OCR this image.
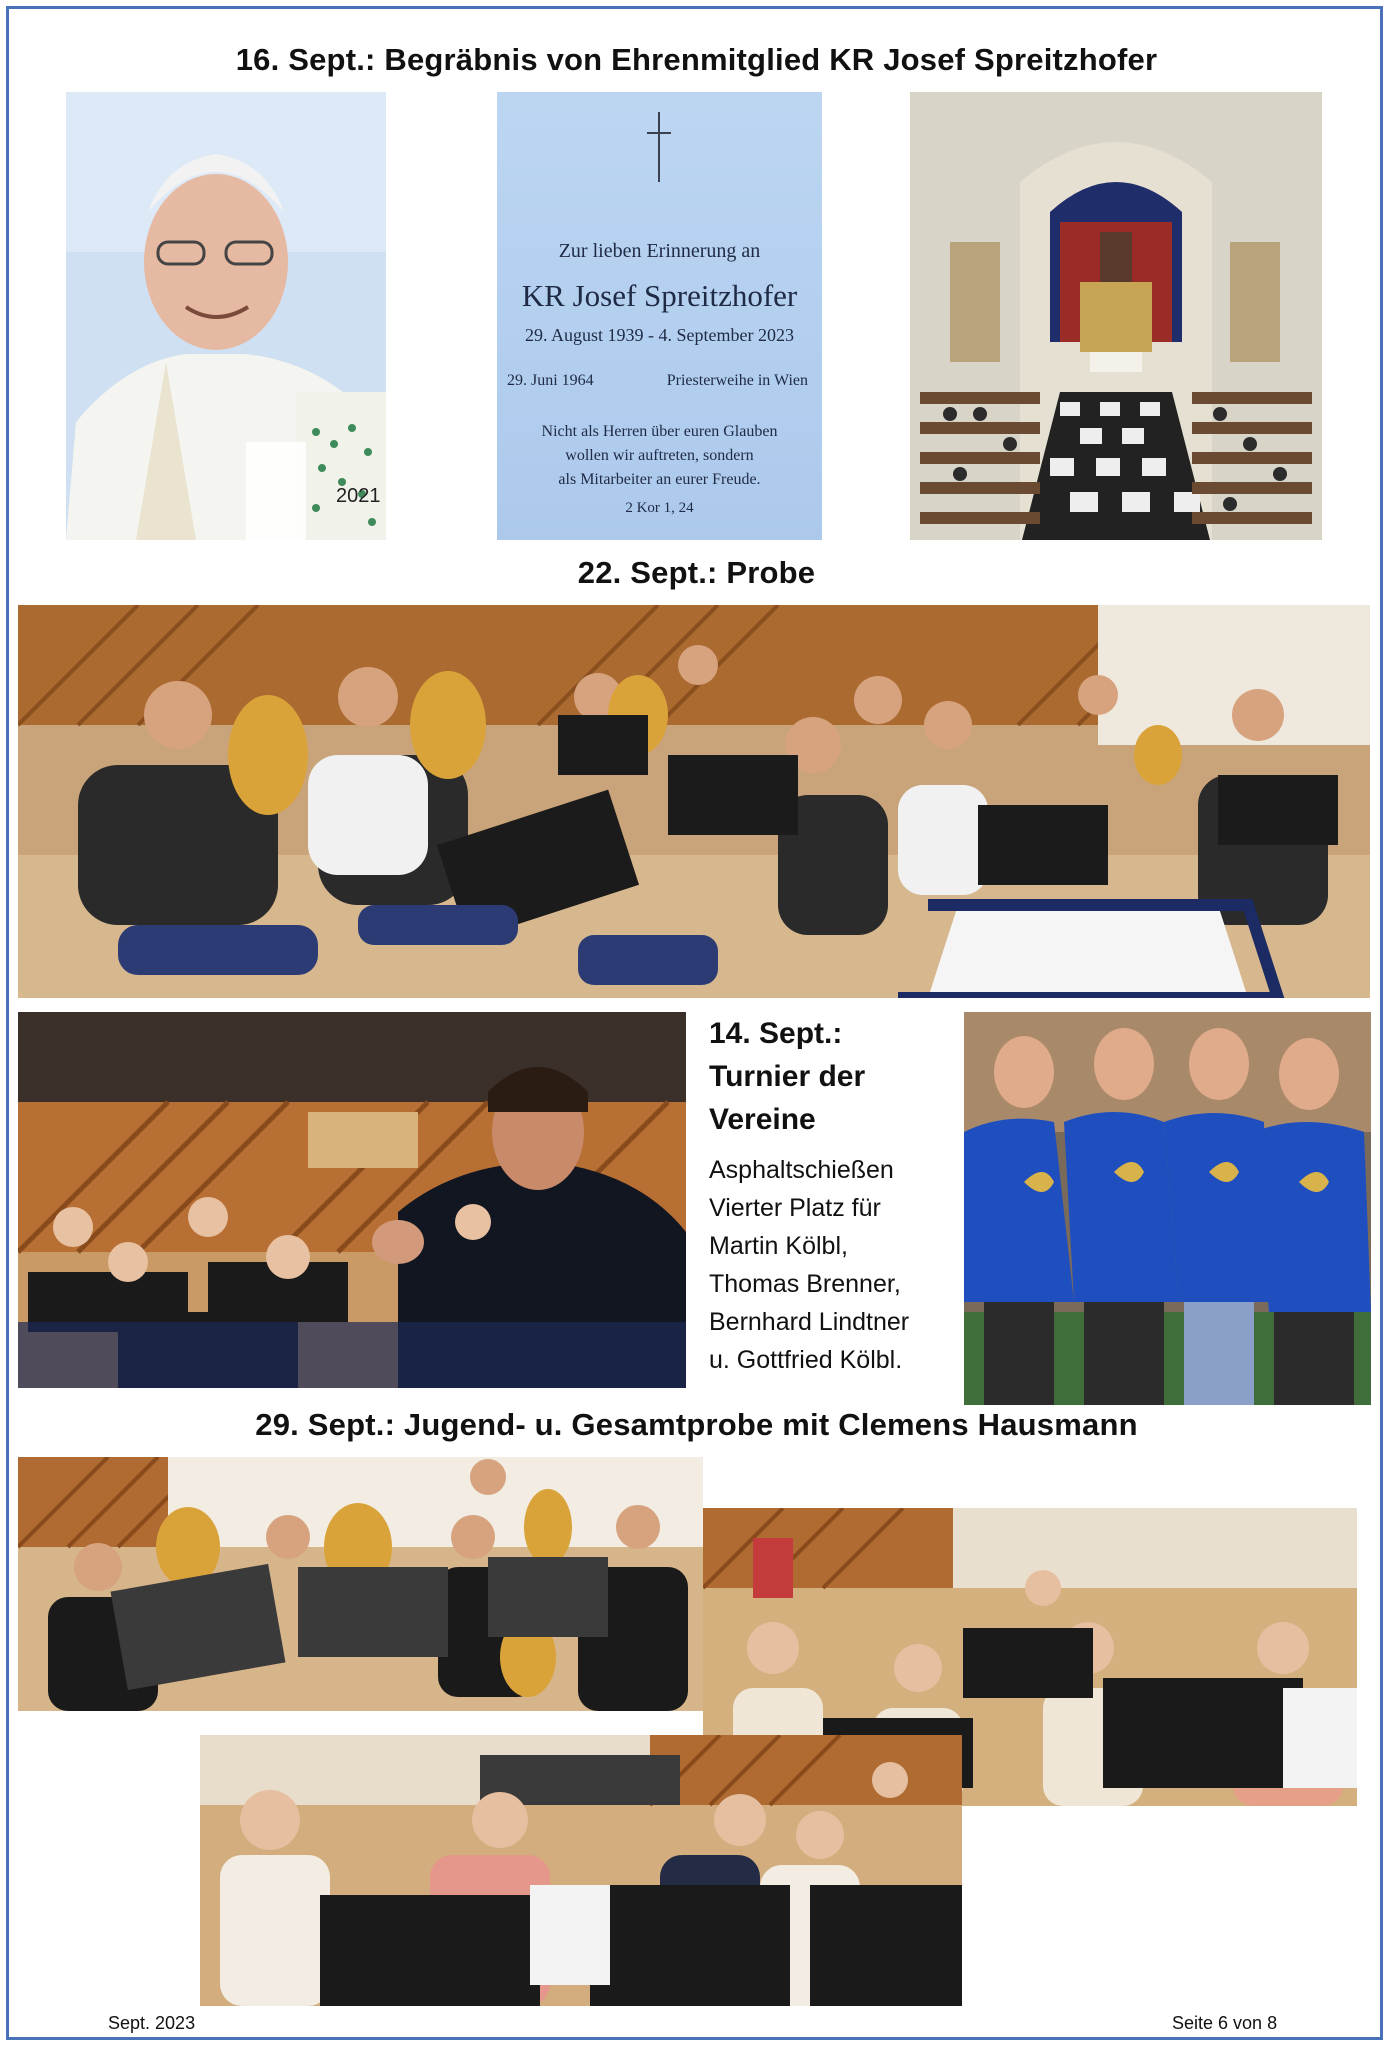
16. Sept.: Begräbnis von Ehrenmitglied KR Josef Spreitzhofer
2021
Zur lieben Erinnerung an
KR Josef Spreitzhofer
29. August 1939 - 4. September 2023
29. Juni 1964	Priesterweihe in Wien
Nicht als Herren über euren Glauben
wollen wir auftreten, sondern
als Mitarbeiter an eurer Freude.
2 Kor 1, 24
22. Sept.: Probe
14. Sept.:
Turnier der
Vereine
Asphaltschießen
Vierter Platz für
Martin Kölbl,
Thomas Brenner,
Bernhard Lindtner
u. Gottfried Kölbl.
29. Sept.: Jugend- u. Gesamtprobe mit Clemens Hausmann
Sept. 2023	Seite 6 von 8
